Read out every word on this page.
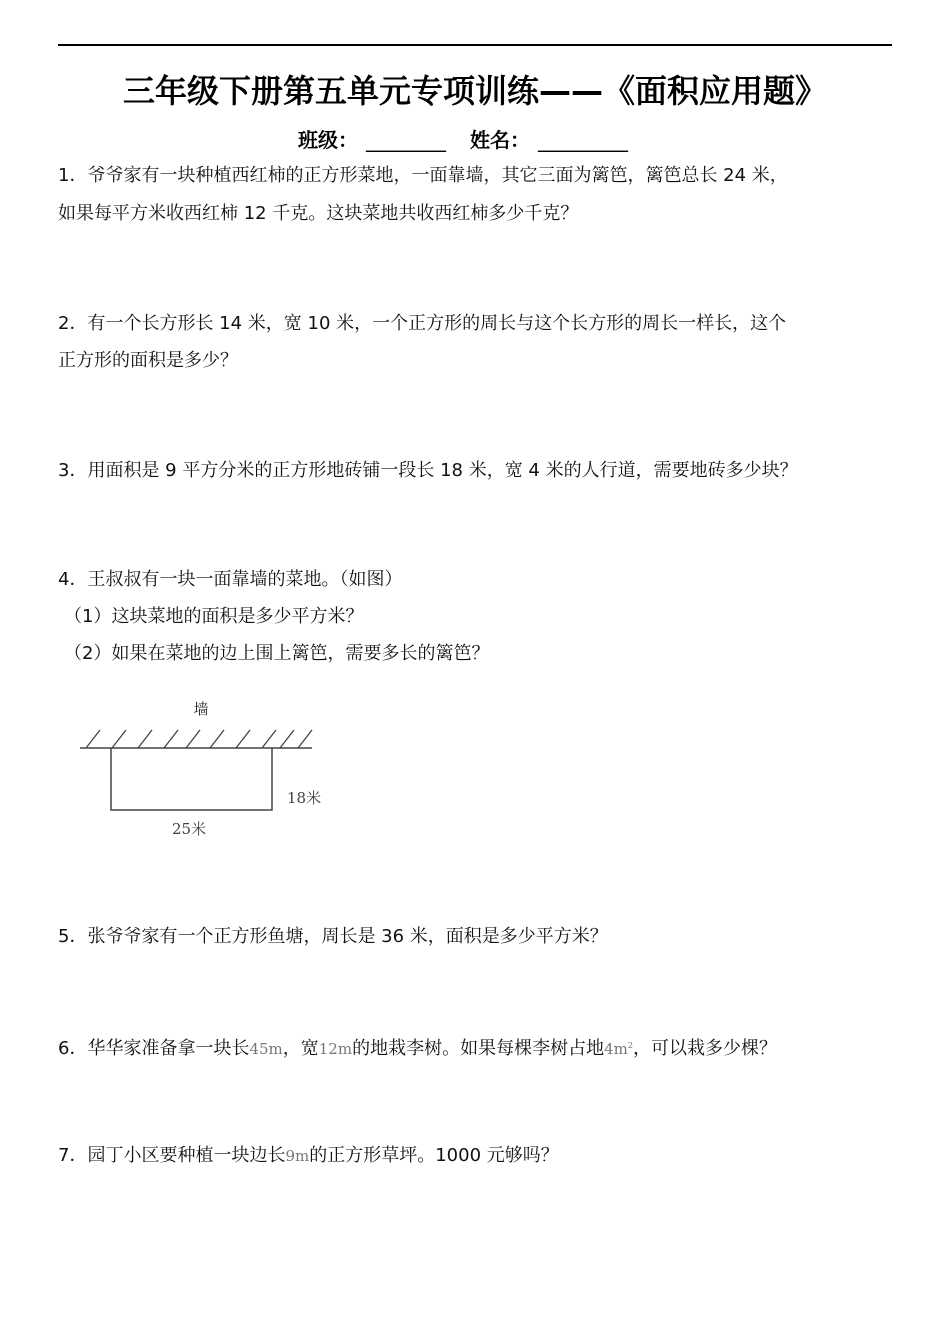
三年级下册第五单元专项训练——《面积应用题》
班级： ________ 姓名： _________
1．爷爷家有一块种植西红柿的正方形菜地，一面靠墙，其它三面为篱笆，篱笆总长 24 米，
如果每平方米收西红柿 12 千克。这块菜地共收西红柿多少千克？
2．有一个长方形长 14 米，宽 10 米，一个正方形的周长与这个长方形的周长一样长，这个
正方形的面积是多少？
3．用面积是 9 平方分米的正方形地砖铺一段长 18 米，宽 4 米的人行道，需要地砖多少块？
4．王叔叔有一块一面靠墙的菜地。（如图）
（1）这块菜地的面积是多少平方米？
（2）如果在菜地的边上围上篱笆，需要多长的篱笆？
墙
18米
25米
5．张爷爷家有一个正方形鱼塘，周长是 36 米，面积是多少平方米？
6．华华家准备拿一块长45m，宽12m的地栽李树。如果每棵李树占地$4m^2$，可以栽多少棵？
7．园丁小区要种植一块边长9m的正方形草坪。1000 元够吗？
